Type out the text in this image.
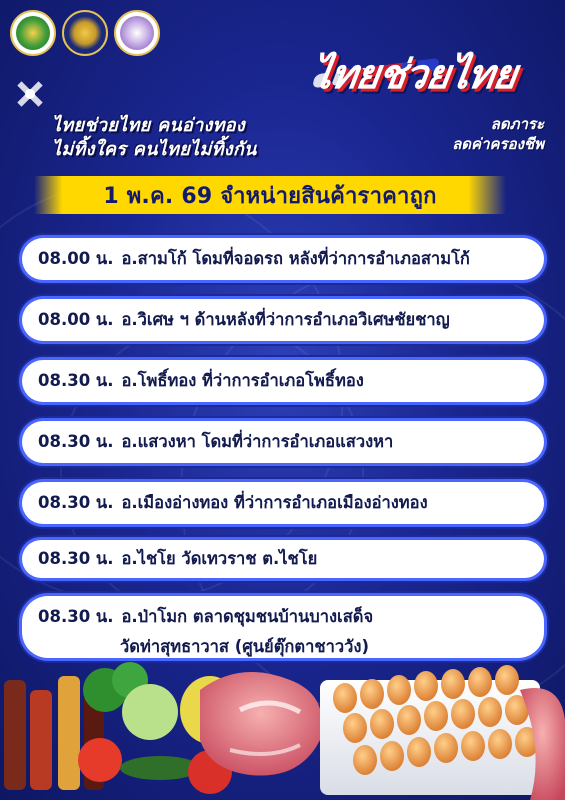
ไทยช่วยไทย คนอ่างทอง
ไม่ทิ้งใคร คนไทยไม่ทิ้งกัน
ไทยช่วยไทย
ลดภาระ
ลดค่าครองชีพ
1 พ.ค. 69 จำหน่ายสินค้าราคาถูก
08.00 น. อ.สามโก้ โดมที่จอดรถ หลังที่ว่าการอำเภอสามโก้
08.00 น. อ.วิเศษ ฯ ด้านหลังที่ว่าการอำเภอวิเศษชัยชาญ
08.30 น. อ.โพธิ์ทอง ที่ว่าการอำเภอโพธิ์ทอง
08.30 น. อ.แสวงหา โดมที่ว่าการอำเภอแสวงหา
08.30 น. อ.เมืองอ่างทอง ที่ว่าการอำเภอเมืองอ่างทอง
08.30 น. อ.ไชโย วัดเทวราช ต.ไชโย
08.30 น. อ.ป่าโมก ตลาดชุมชนบ้านบางเสด็จ
วัดท่าสุทธาวาส (ศูนย์ตุ๊กตาชาววัง)
